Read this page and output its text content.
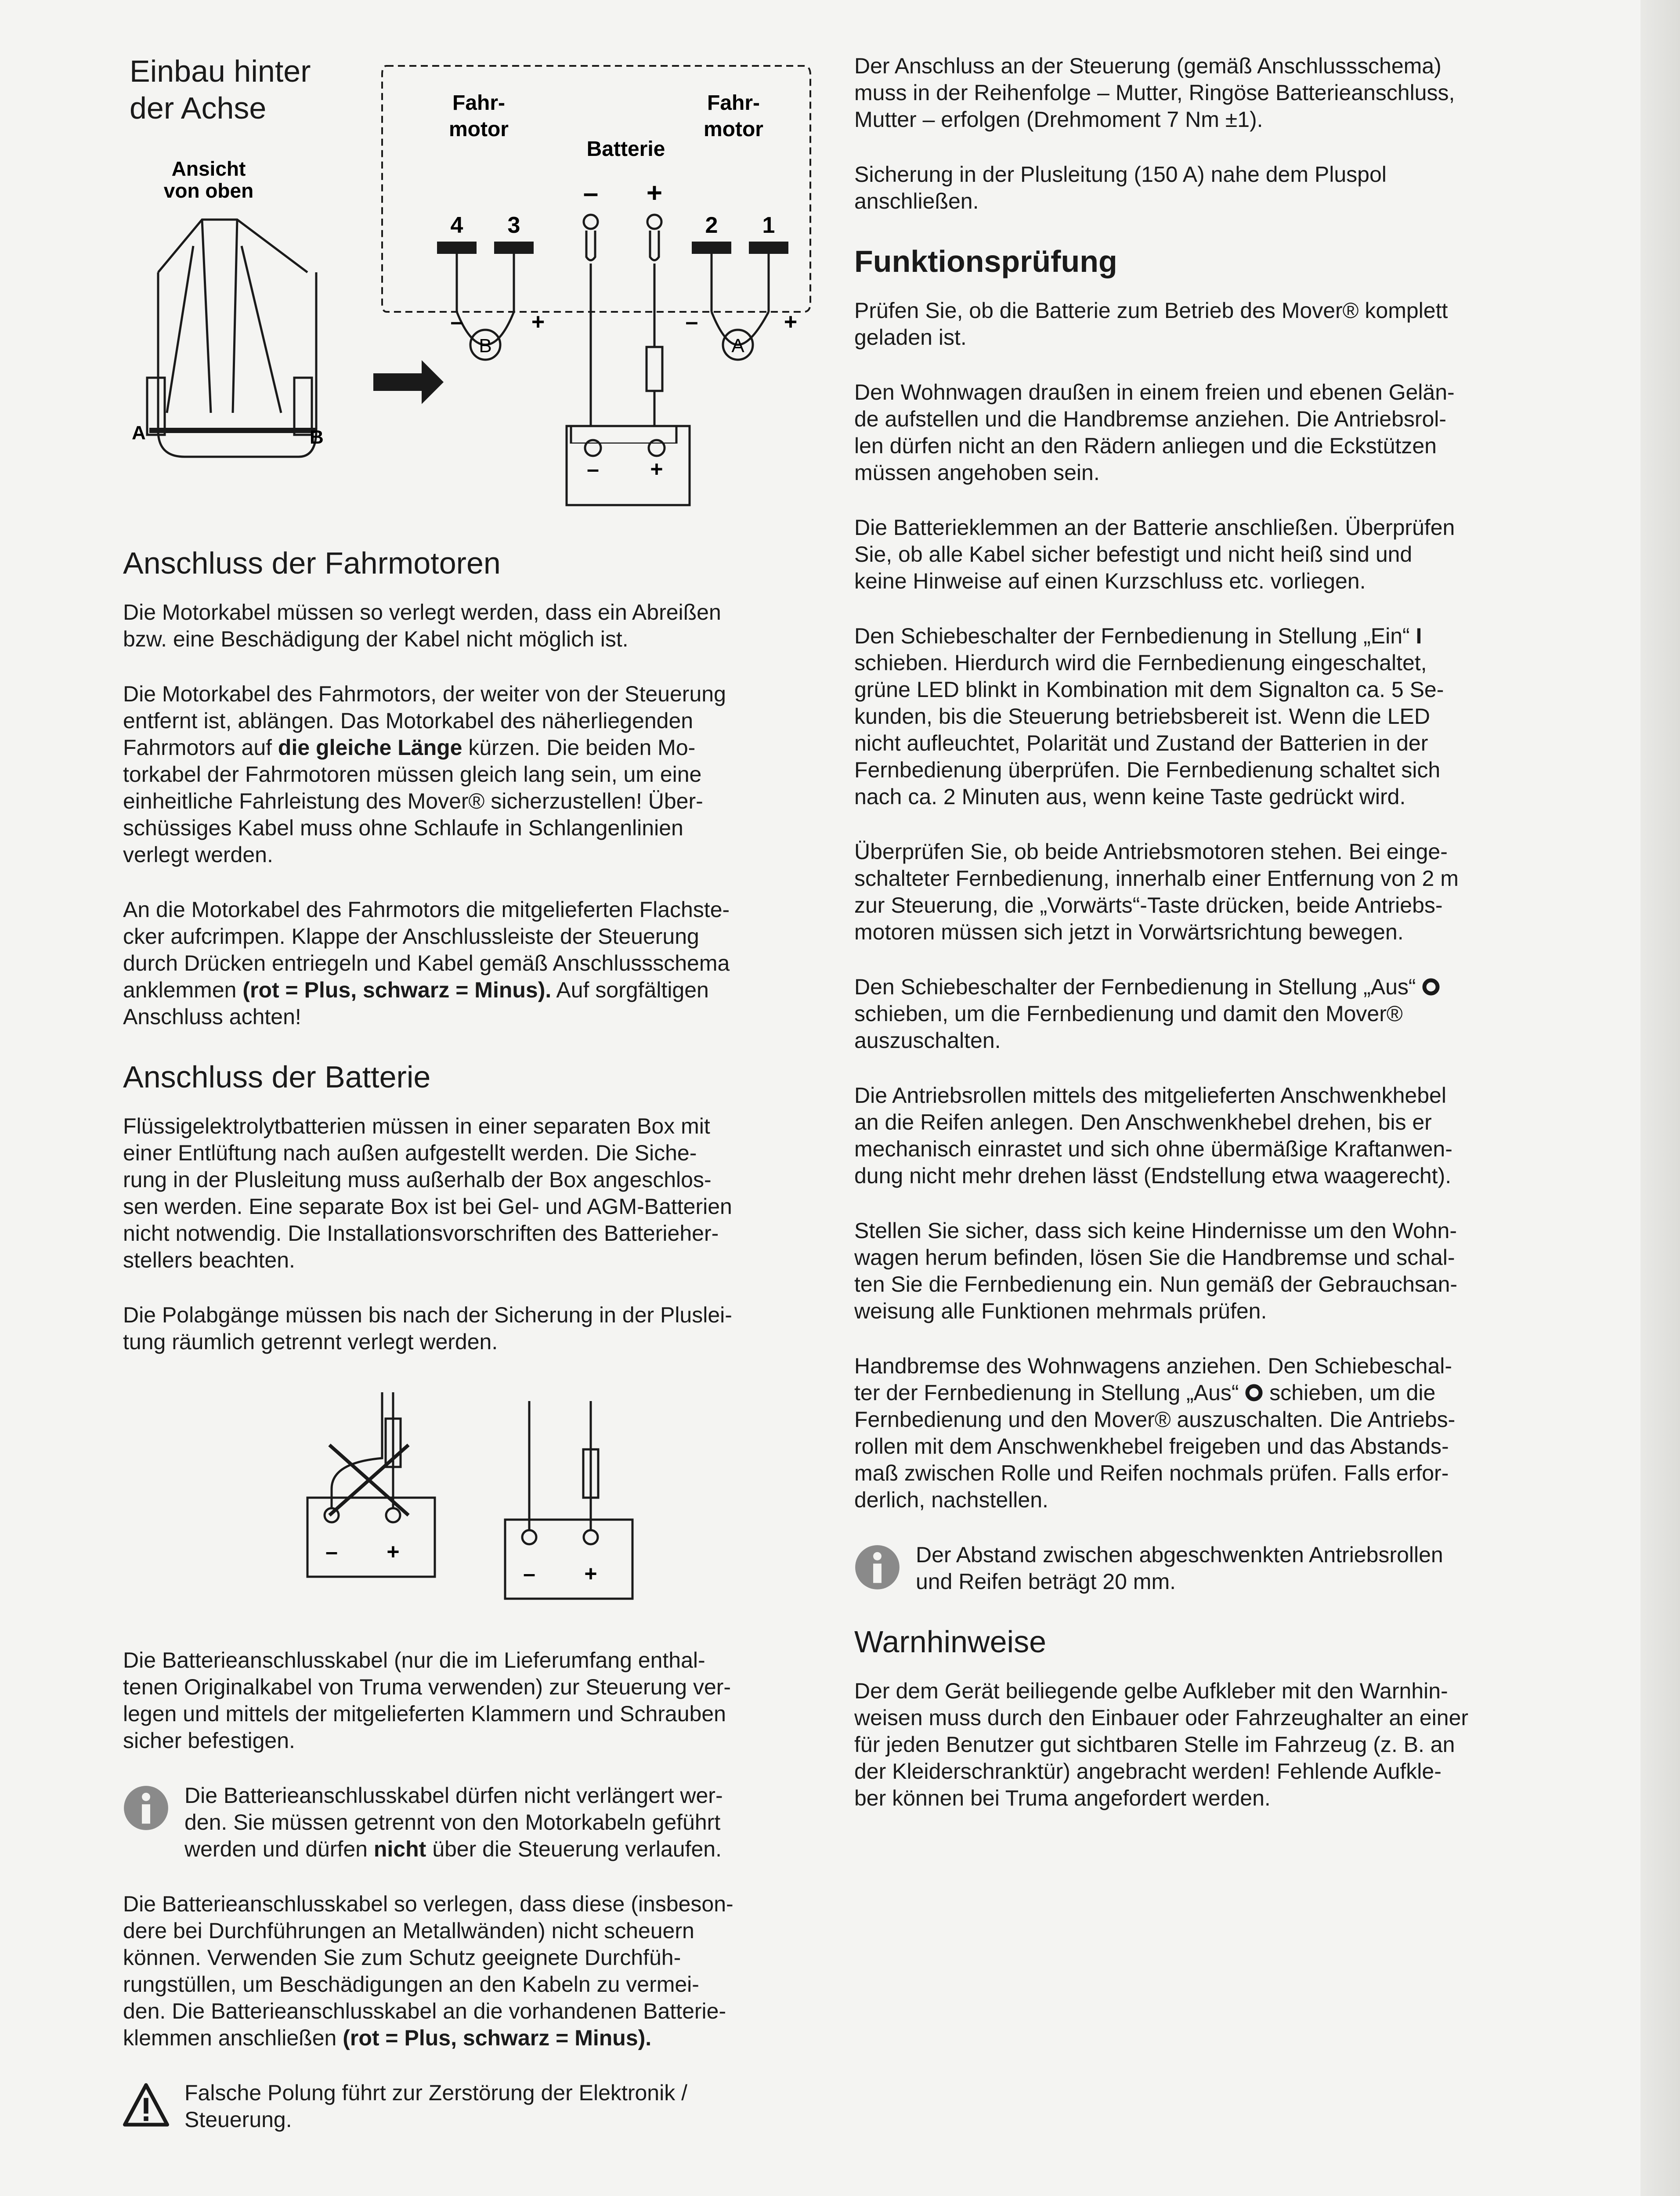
Einbau hinter
der Achse
Ansicht
von oben
A	B
Fahr-
motor
Fahr-
motor
Batterie
– +
4 3	2 1
–	+	–	+
B	A
– +
Anschluss der Fahrmotoren

Die Motorkabel müssen so verlegt werden, dass ein Abreißen
bzw. eine Beschädigung der Kabel nicht möglich ist.

Die Motorkabel des Fahrmotors, der weiter von der Steuerung
entfernt ist, ablängen. Das Motorkabel des näherliegenden
Fahrmotors auf die gleiche Länge kürzen. Die beiden Mo-
torkabel der Fahrmotoren müssen gleich lang sein, um eine
einheitliche Fahrleistung des Mover® sicherzustellen! Über-
schüssiges Kabel muss ohne Schlaufe in Schlangenlinien
verlegt werden.

An die Motorkabel des Fahrmotors die mitgelieferten Flachste-
cker aufcrimpen. Klappe der Anschlussleiste der Steuerung
durch Drücken entriegeln und Kabel gemäß Anschlussschema
anklemmen (rot = Plus, schwarz = Minus). Auf sorgfältigen
Anschluss achten!

Anschluss der Batterie

Flüssigelektrolytbatterien müssen in einer separaten Box mit
einer Entlüftung nach außen aufgestellt werden. Die Siche-
rung in der Plusleitung muss außerhalb der Box angeschlos-
sen werden. Eine separate Box ist bei Gel- und AGM-Batterien
nicht notwendig. Die Installationsvorschriften des Batterieher-
stellers beachten.

Die Polabgänge müssen bis nach der Sicherung in der Pluslei-
tung räumlich getrennt verlegt werden.

– +
– +

Die Batterieanschlusskabel (nur die im Lieferumfang enthal-
tenen Originalkabel von Truma verwenden) zur Steuerung ver-
legen und mittels der mitgelieferten Klammern und Schrauben
sicher befestigen.

Die Batterieanschlusskabel dürfen nicht verlängert wer-
den. Sie müssen getrennt von den Motorkabeln geführt
werden und dürfen nicht über die Steuerung verlaufen.

Die Batterieanschlusskabel so verlegen, dass diese (insbeson-
dere bei Durchführungen an Metallwänden) nicht scheuern
können. Verwenden Sie zum Schutz geeignete Durchfüh-
rungstüllen, um Beschädigungen an den Kabeln zu vermei-
den. Die Batterieanschlusskabel an die vorhandenen Batterie-
klemmen anschließen (rot = Plus, schwarz = Minus).

Falsche Polung führt zur Zerstörung der Elektronik /
Steuerung.

Der Anschluss an der Steuerung (gemäß Anschlussschema)
muss in der Reihenfolge – Mutter, Ringöse Batterieanschluss,
Mutter – erfolgen (Drehmoment 7 Nm ±1).

Sicherung in der Plusleitung (150 A) nahe dem Pluspol
anschließen.

Funktionsprüfung

Prüfen Sie, ob die Batterie zum Betrieb des Mover® komplett
geladen ist.

Den Wohnwagen draußen in einem freien und ebenen Gelän-
de aufstellen und die Handbremse anziehen. Die Antriebsrol-
len dürfen nicht an den Rädern anliegen und die Eckstützen
müssen angehoben sein.

Die Batterieklemmen an der Batterie anschließen. Überprüfen
Sie, ob alle Kabel sicher befestigt und nicht heiß sind und
keine Hinweise auf einen Kurzschluss etc. vorliegen.

Den Schiebeschalter der Fernbedienung in Stellung „Ein“ I
schieben. Hierdurch wird die Fernbedienung eingeschaltet,
grüne LED blinkt in Kombination mit dem Signalton ca. 5 Se-
kunden, bis die Steuerung betriebsbereit ist. Wenn die LED
nicht aufleuchtet, Polarität und Zustand der Batterien in der
Fernbedienung überprüfen. Die Fernbedienung schaltet sich
nach ca. 2 Minuten aus, wenn keine Taste gedrückt wird.

Überprüfen Sie, ob beide Antriebsmotoren stehen. Bei einge-
schalteter Fernbedienung, innerhalb einer Entfernung von 2 m
zur Steuerung, die „Vorwärts“-Taste drücken, beide Antriebs-
motoren müssen sich jetzt in Vorwärtsrichtung bewegen.

Den Schiebeschalter der Fernbedienung in Stellung „Aus“
schieben, um die Fernbedienung und damit den Mover®
auszuschalten.

Die Antriebsrollen mittels des mitgelieferten Anschwenkhebel
an die Reifen anlegen. Den Anschwenkhebel drehen, bis er
mechanisch einrastet und sich ohne übermäßige Kraftanwen-
dung nicht mehr drehen lässt (Endstellung etwa waagerecht).

Stellen Sie sicher, dass sich keine Hindernisse um den Wohn-
wagen herum befinden, lösen Sie die Handbremse und schal-
ten Sie die Fernbedienung ein. Nun gemäß der Gebrauchsan-
weisung alle Funktionen mehrmals prüfen.

Handbremse des Wohnwagens anziehen. Den Schiebeschal-
ter der Fernbedienung in Stellung „Aus“  schieben, um die
Fernbedienung und den Mover® auszuschalten. Die Antriebs-
rollen mit dem Anschwenkhebel freigeben und das Abstands-
maß zwischen Rolle und Reifen nochmals prüfen. Falls erfor-
derlich, nachstellen.

Der Abstand zwischen abgeschwenkten Antriebsrollen
und Reifen beträgt 20 mm.

Warnhinweise

Der dem Gerät beiliegende gelbe Aufkleber mit den Warnhin-
weisen muss durch den Einbauer oder Fahrzeughalter an einer
für jeden Benutzer gut sichtbaren Stelle im Fahrzeug (z. B. an
der Kleiderschranktür) angebracht werden! Fehlende Aufkle-
ber können bei Truma angefordert werden.
